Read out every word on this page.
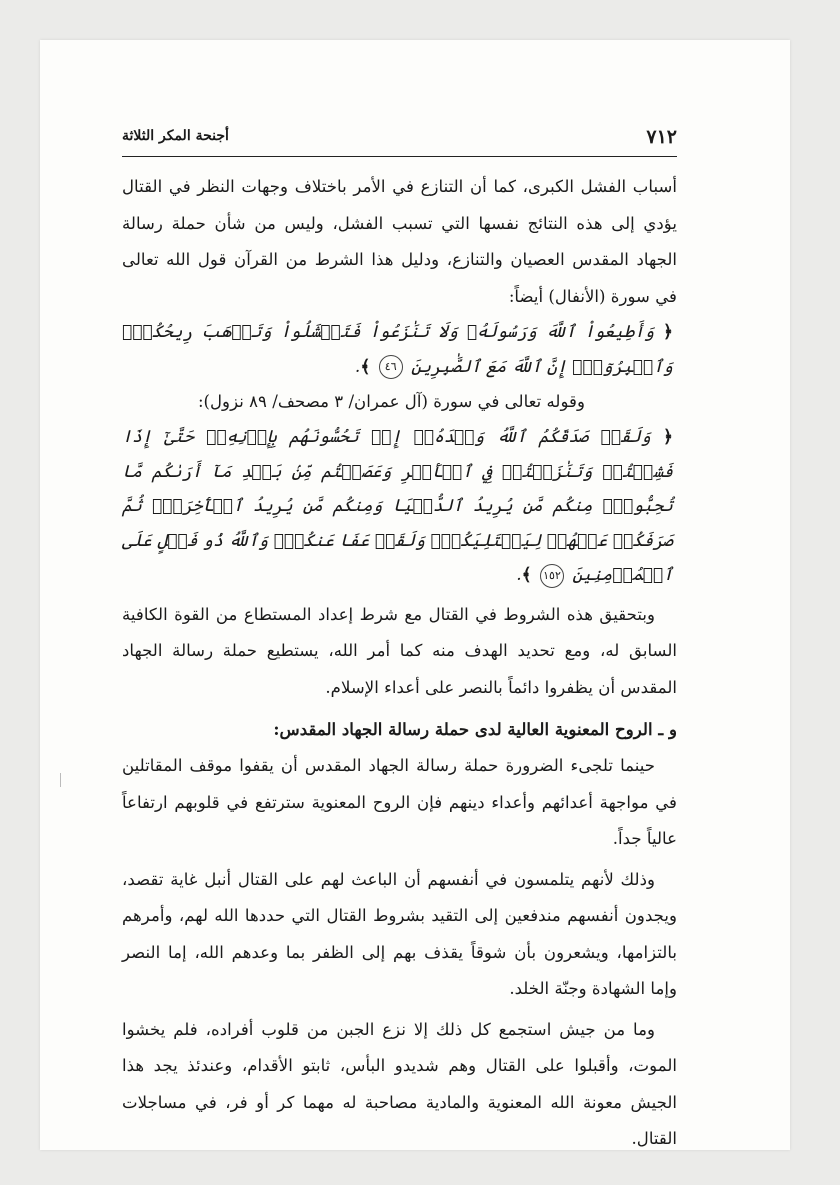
٧١٢
أجنحة المكر الثلاثة

أسباب الفشل الكبرى، كما أن التنازع في الأمر باختلاف وجهات النظر في القتال يؤدي إلى هذه النتائج نفسها التي تسبب الفشل، وليس من شأن حملة رسالة الجهاد المقدس العصيان والتنازع، ودليل هذا الشرط من القرآن قول الله تعالى في سورة (الأنفال) أيضاً:

﴿ وَأَطِيعُواْ ٱللَّهَ وَرَسُولَهُۥ وَلَا تَنَٰزَعُواْ فَتَفۡشَلُواْ وَتَذۡهَبَ رِيحُكُمۡۖ وَٱصۡبِرُوٓاْۚ إِنَّ ٱللَّهَ مَعَ ٱلصَّٰبِرِينَ ٤٦ ﴾.

وقوله تعالى في سورة (آل عمران/ ٣ مصحف/ ٨٩ نزول):

﴿ وَلَقَدۡ صَدَقَكُمُ ٱللَّهُ وَعۡدَهُۥٓ إِذۡ تَحُسُّونَهُم بِإِذۡنِهِۦۖ حَتَّىٰٓ إِذَا فَشِلۡتُمۡ وَتَنَٰزَعۡتُمۡ فِي ٱلۡأَمۡرِ وَعَصَيۡتُم مِّنۢ بَعۡدِ مَآ أَرَىٰكُم مَّا تُحِبُّونَۚ مِنكُم مَّن يُرِيدُ ٱلدُّنۡيَا وَمِنكُم مَّن يُرِيدُ ٱلۡأٓخِرَةَۚ ثُمَّ صَرَفَكُمۡ عَنۡهُمۡ لِيَبۡتَلِيَكُمۡۖ وَلَقَدۡ عَفَا عَنكُمۡۗ وَٱللَّهُ ذُو فَضۡلٍ عَلَى ٱلۡمُؤۡمِنِينَ ١٥٢ ﴾.

وبتحقيق هذه الشروط في القتال مع شرط إعداد المستطاع من القوة الكافية السابق له، ومع تحديد الهدف منه كما أمر الله، يستطيع حملة رسالة الجهاد المقدس أن يظفروا دائماً بالنصر على أعداء الإسلام.

و ـ الروح المعنوية العالية لدى حملة رسالة الجهاد المقدس:

حينما تلجىء الضرورة حملة رسالة الجهاد المقدس أن يقفوا موقف المقاتلين في مواجهة أعدائهم وأعداء دينهم فإن الروح المعنوية سترتفع في قلوبهم ارتفاعاً عالياً جداً.

وذلك لأنهم يتلمسون في أنفسهم أن الباعث لهم على القتال أنبل غاية تقصد، ويجدون أنفسهم مندفعين إلى التقيد بشروط القتال التي حددها الله لهم، وأمرهم بالتزامها، ويشعرون بأن شوقاً يقذف بهم إلى الظفر بما وعدهم الله، إما النصر وإما الشهادة وجنّة الخلد.

وما من جيش استجمع كل ذلك إلا نزع الجبن من قلوب أفراده، فلم يخشوا الموت، وأقبلوا على القتال وهم شديدو البأس، ثابتو الأقدام، وعندئذ يجد هذا الجيش معونة الله المعنوية والمادية مصاحبة له مهما كر أو فر، في مساجلات القتال.
